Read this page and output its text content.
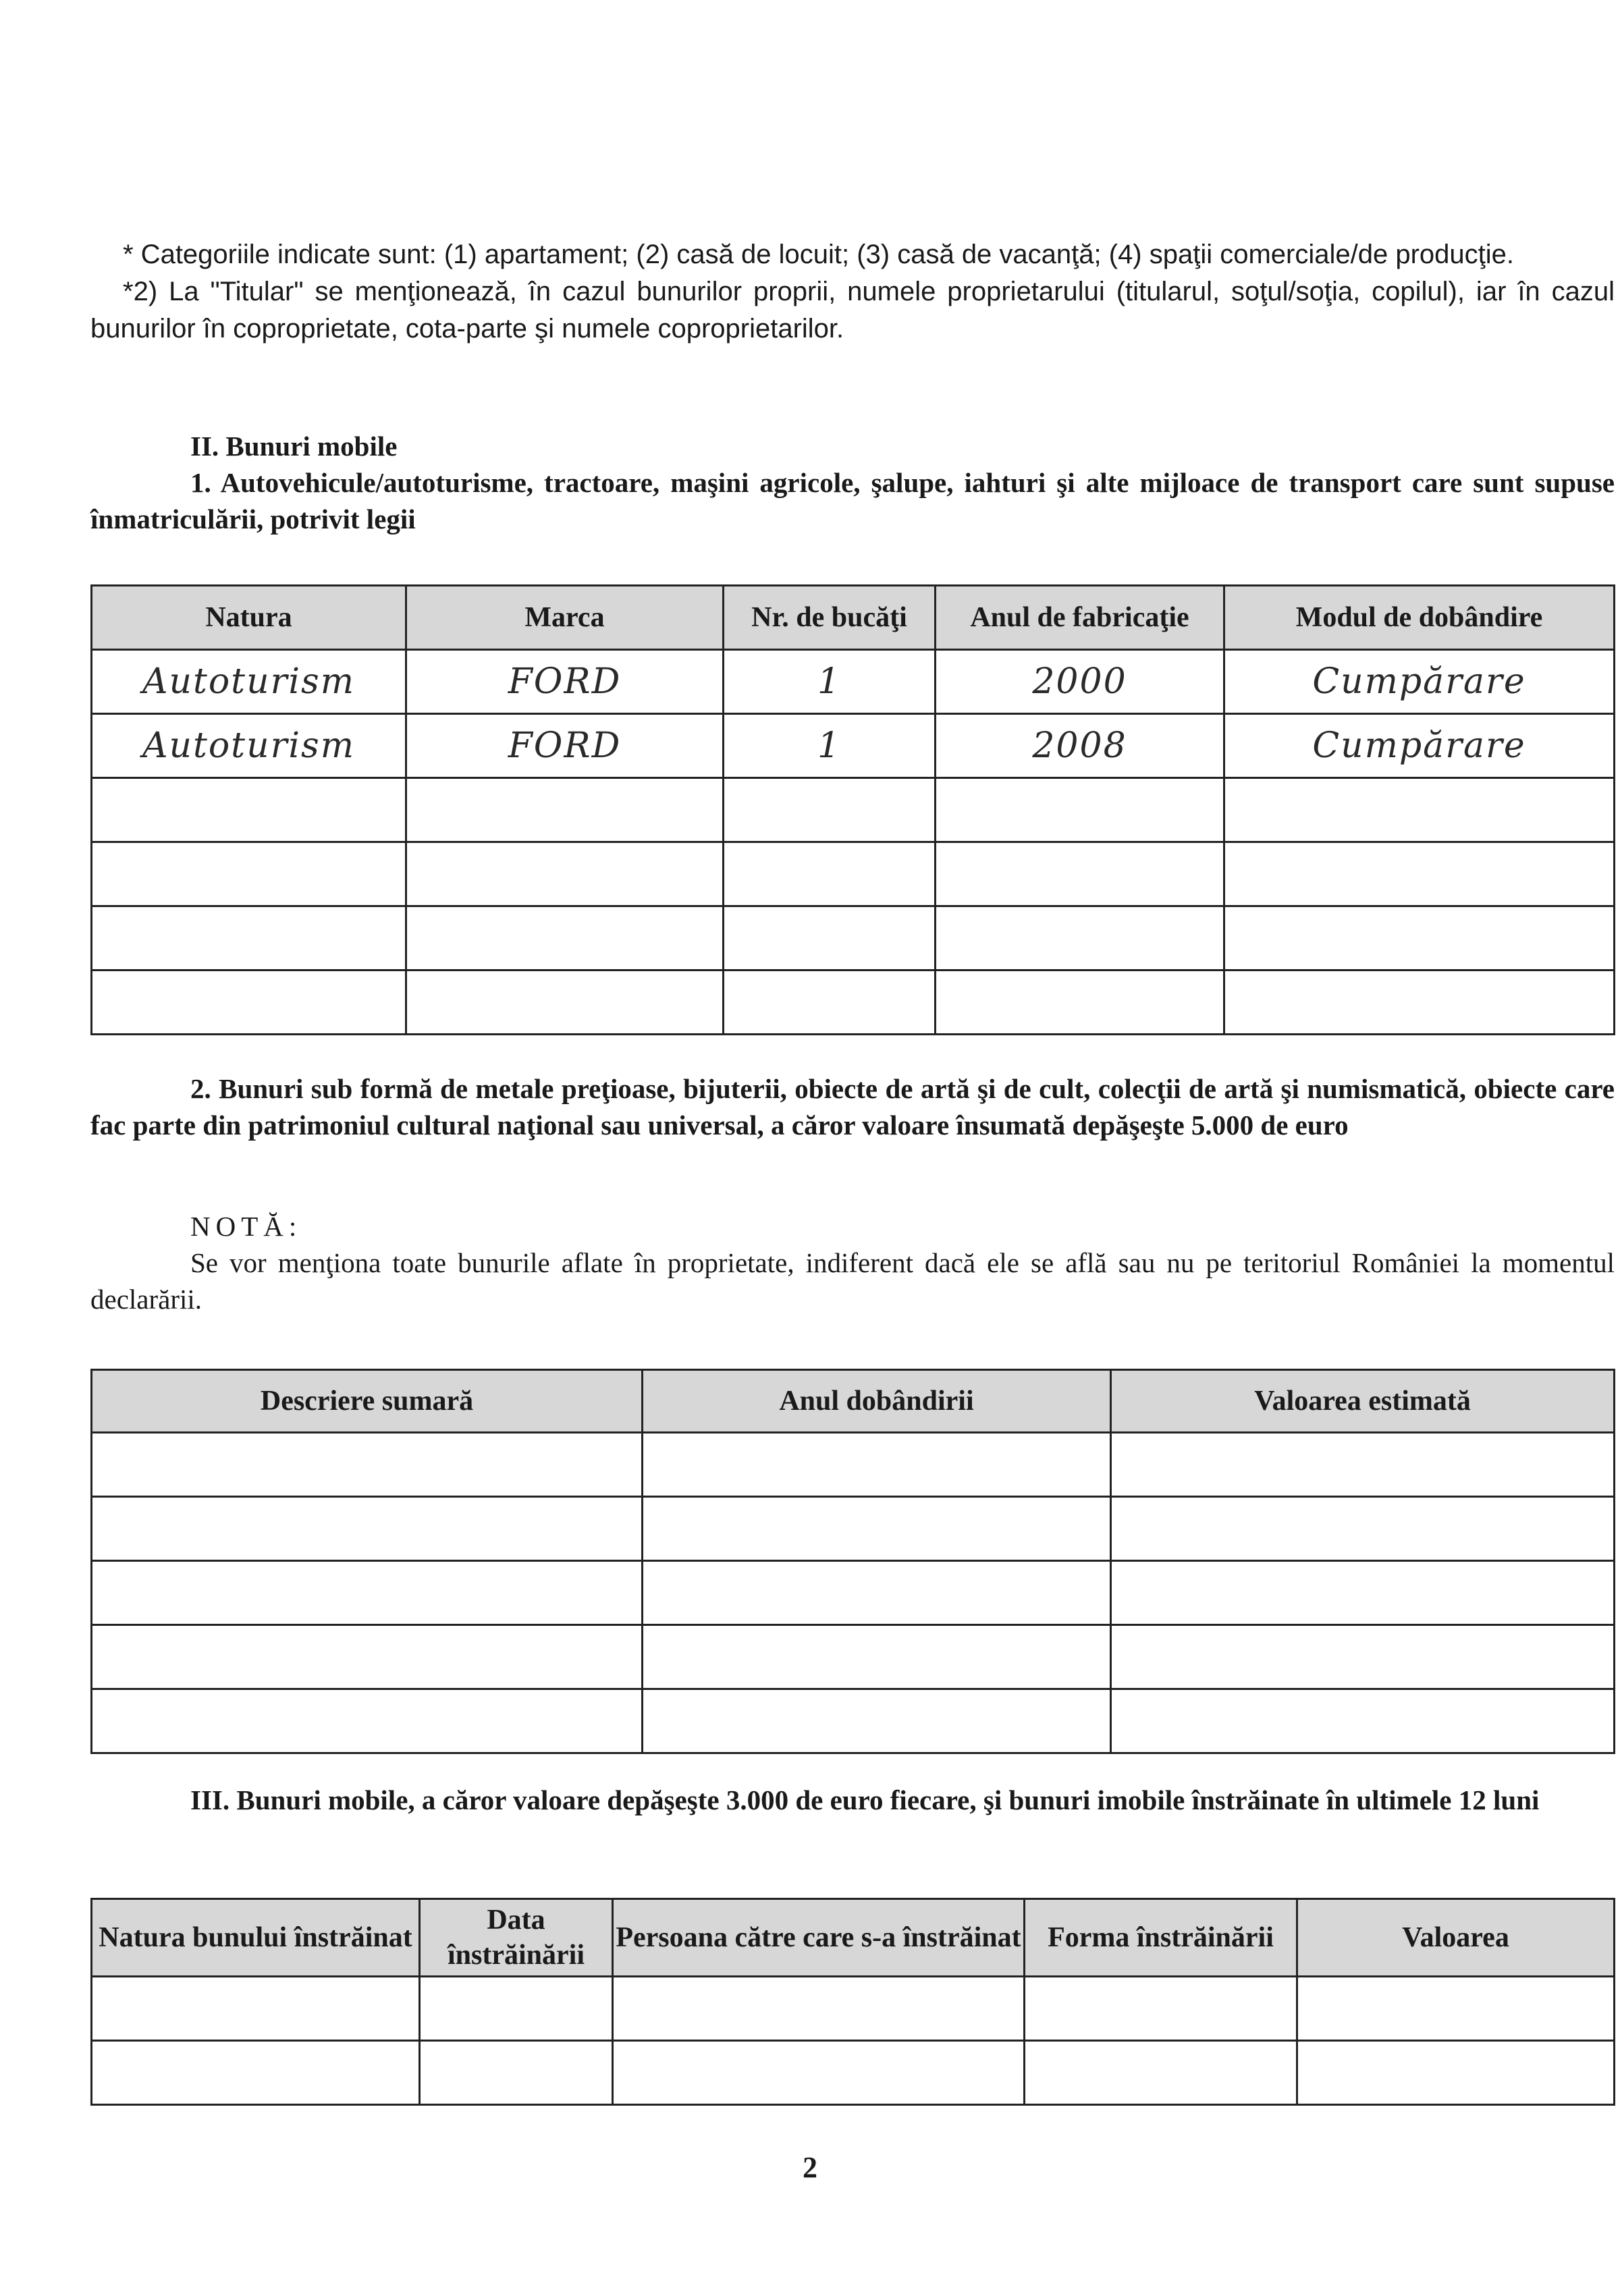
* Categoriile indicate sunt: (1) apartament; (2) casă de locuit; (3) casă de vacanţă; (4) spaţii comerciale/de producţie.

*2) La "Titular" se menţionează, în cazul bunurilor proprii, numele proprietarului (titularul, soţul/soţia, copilul), iar în cazul bunurilor în coproprietate, cota-parte şi numele coproprietarilor.

II. Bunuri mobile

1. Autovehicule/autoturisme, tractoare, maşini agricole, şalupe, iahturi şi alte mijloace de transport care sunt supuse înmatriculării, potrivit legii

Natura	Marca	Nr. de bucăţi	Anul de fabricaţie	Modul de dobândire
Autoturism	FORD	1	2000	Cumpărare
Autoturism	FORD	1	2008	Cumpărare

2. Bunuri sub formă de metale preţioase, bijuterii, obiecte de artă şi de cult, colecţii de artă şi numismatică, obiecte care fac parte din patrimoniul cultural naţional sau universal, a căror valoare însumată depăşeşte 5.000 de euro

NOTĂ:

Se vor menţiona toate bunurile aflate în proprietate, indiferent dacă ele se află sau nu pe teritoriul României la momentul declarării.

Descriere sumară	Anul dobândirii	Valoarea estimată

III. Bunuri mobile, a căror valoare depăşeşte 3.000 de euro fiecare, şi bunuri imobile înstrăinate în ultimele 12 luni

Natura bunului înstrăinat	Data înstrăinării	Persoana către care s-a înstrăinat	Forma înstrăinării	Valoarea

2
